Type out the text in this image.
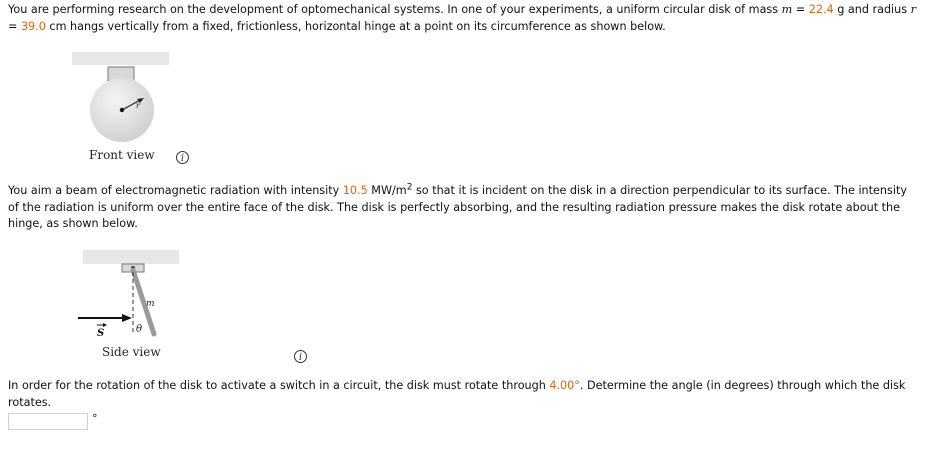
You are performing research on the development of optomechanical systems. In one of your experiments, a uniform circular disk of mass m = 22.4 g and radius r = 39.0 cm hangs vertically from a fixed, frictionless, horizontal hinge at a point on its circumference as shown below.
r
Front view	i
You aim a beam of electromagnetic radiation with intensity 10.5 $MW/m^2$ so that it is incident on the disk in a direction perpendicular to its surface. The intensity of the radiation is uniform over the entire face of the disk. The disk is perfectly absorbing, and the resulting radiation pressure makes the disk rotate about the hinge, as shown below.
m
θ
S
Side view	i
In order for the rotation of the disk to activate a switch in a circuit, the disk must rotate through 4.00°. Determine the angle (in degrees) through which the disk rotates.
°
